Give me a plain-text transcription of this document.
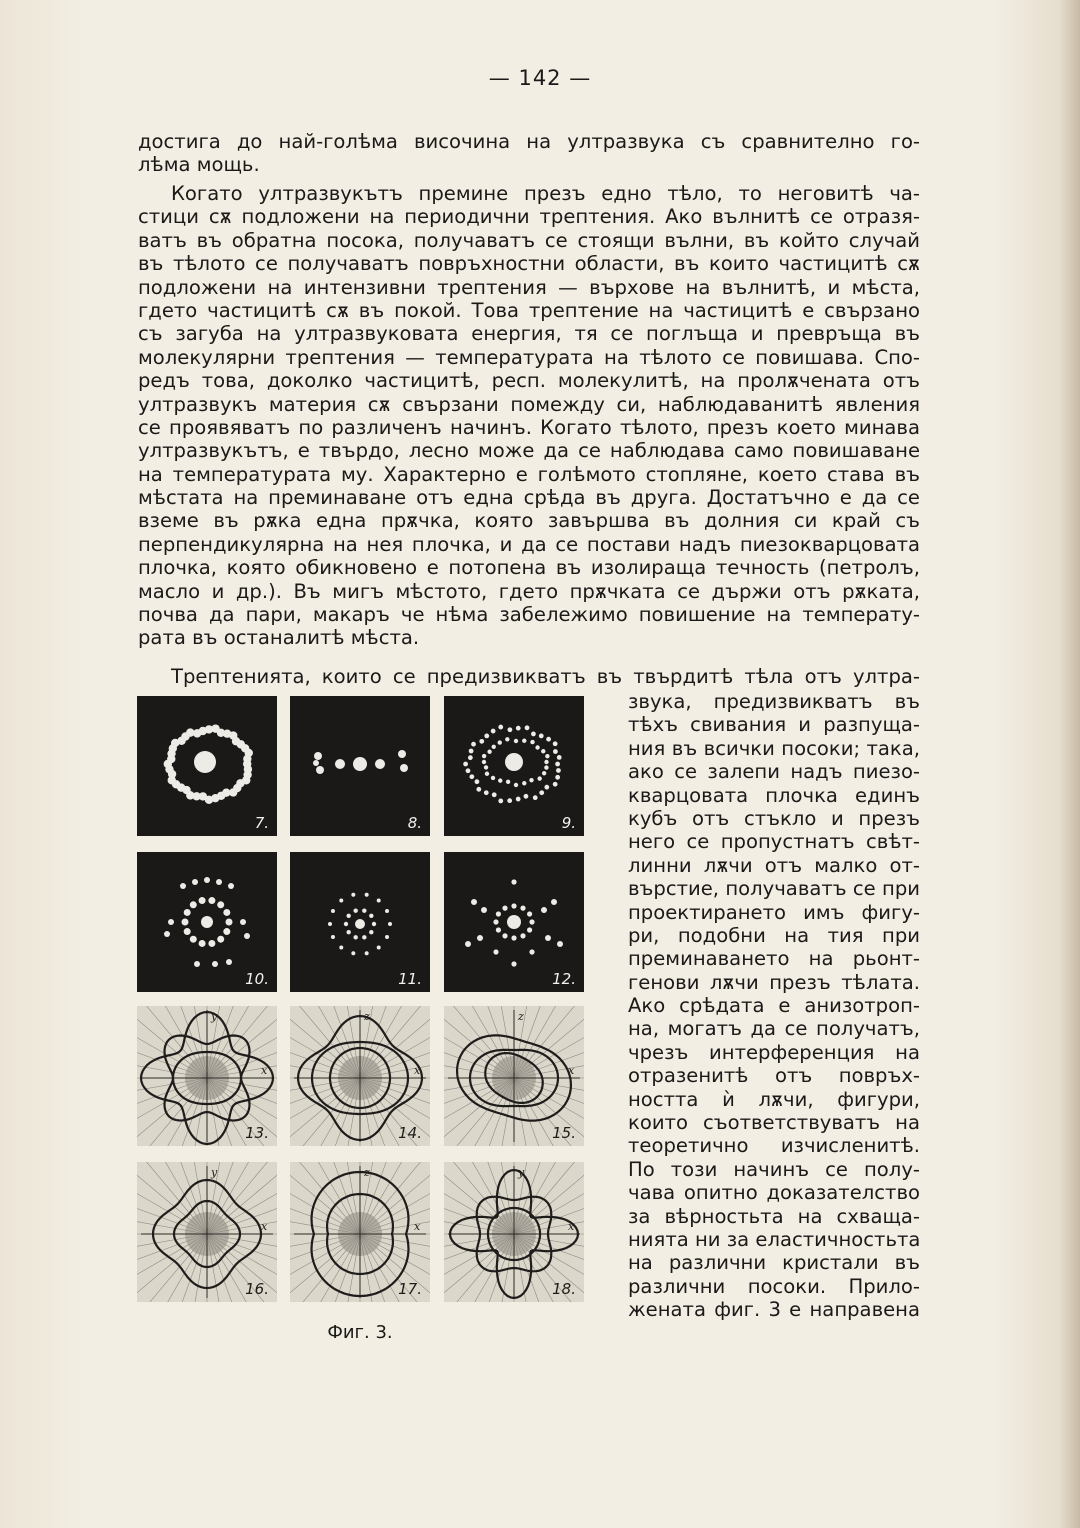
— 142 —
достига до най-голѣма височина на ултразвука съ сравнително го-
лѣма мощь.
Когато ултразвукътъ премине презъ едно тѣло, то неговитѣ ча-
стици сѫ подложени на периодични трептения. Ако вълнитѣ се отразя-
ватъ въ обратна посока, получаватъ се стоящи вълни, въ който случай
въ тѣлото се получаватъ повръхностни области, въ които частицитѣ сѫ
подложени на интензивни трептения — върхове на вълнитѣ, и мѣста,
гдето частицитѣ сѫ въ покой. Това трептение на частицитѣ е свързано
съ загуба на ултразвуковата енергия, тя се поглъща и превръща въ
молекулярни трептения — температурата на тѣлото се повишава. Спо-
редъ това, доколко частицитѣ, респ. молекулитѣ, на пролѫчената отъ
ултразвукъ материя сѫ свързани помежду си, наблюдаванитѣ явления
се проявяватъ по различенъ начинъ. Когато тѣлото, презъ което минава
ултразвукътъ, е твърдо, лесно може да се наблюдава само повишаване
на температурата му. Характерно е голѣмото стопляне, което става въ
мѣстата на преминаване отъ една срѣда въ друга. Достатъчно е да се
вземе въ рѫка една прѫчка, която завършва въ долния си край съ
перпендикулярна на нея плочка, и да се постави надъ пиезокварцовата
плочка, която обикновено е потопена въ изолираща течность (петролъ,
масло и др.). Въ мигъ мѣстото, гдето прѫчката се държи отъ рѫката,
почва да пари, макаръ че нѣма забележимо повишение на температу-
рата въ останалитѣ мѣста.
Трептенията, които се предизвикватъ въ твърдитѣ тѣла отъ ултра-
звука, предизвикватъ въ
тѣхъ свивания и разпуща-
ния въ всички посоки; така,
ако се залепи надъ пиезо-
кварцовата плочка единъ
кубъ отъ стъкло и презъ
него се пропустнатъ свѣт-
линни лѫчи отъ малко от-
върстие, получаватъ се при
проектирането имъ фигу-
ри, подобни на тия при
преминаването на рьонт-
генови лѫчи презъ тѣлата.
Ако срѣдата е анизотроп-
на, могатъ да се получатъ,
чрезъ интерференция на
отразенитѣ отъ повръх-
ността ѝ лѫчи, фигури,
които съответствуватъ на
теоретично изчисленитѣ.
По този начинъ се полу-
чава опитно доказателство
за вѣрностьта на схваща-
нията ни за еластичностьта
на различни кристали въ
различни посоки. Прило-
жената фиг. 3 е направена
7.	8.	9.
10.	11.	12.
y
x
13.
z
x
14.
z
x
15.
y
x
16.
z
x
17.
y
x
18.
Фиг. 3.
